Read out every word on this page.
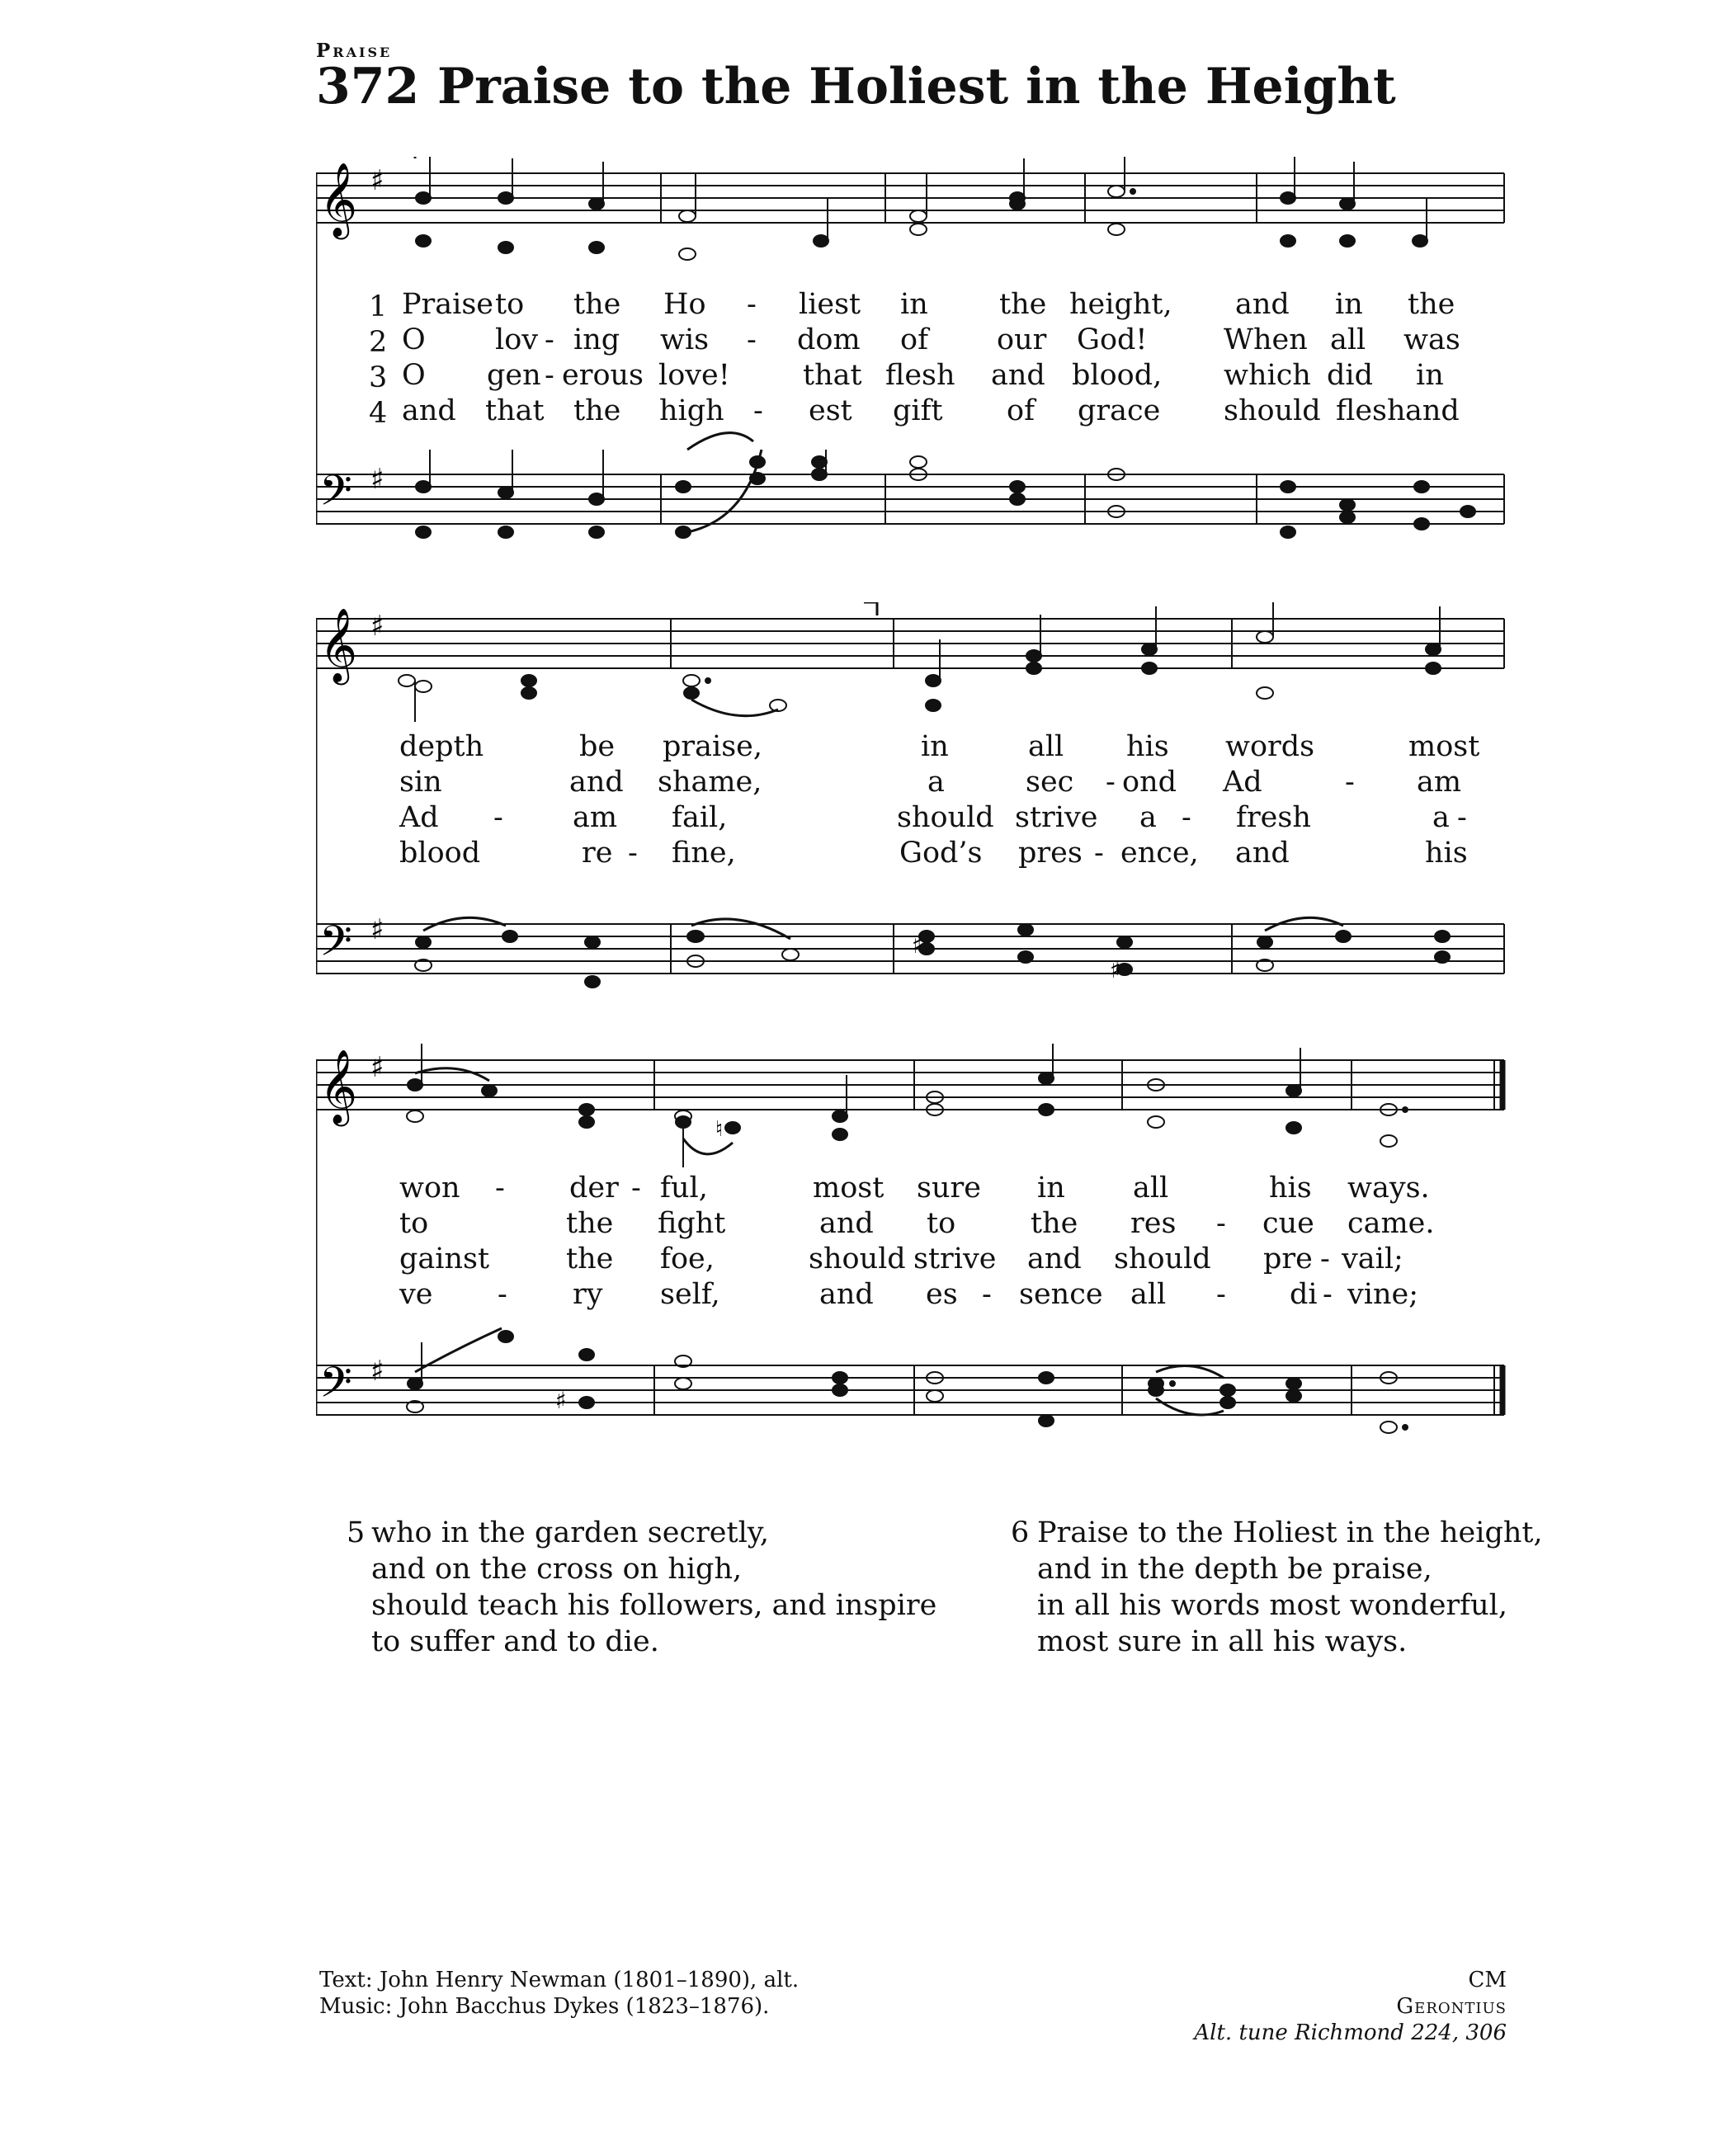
Praise
372 Praise to the Holiest in the Height
𝄞 ♯
𝄢 ♯
1
2
3
4
Praise to the Ho - liest in the height, and in the
O lov - ing wis - dom of our God!	When all was
O gen - erous love!	that flesh and blood, which did in
and that the high - est gift of grace should flesh and
𝄞 ♯
𝄢 ♯	♯
♯
depth	be praise,	in	all his words	most
sin	and shame,	a	sec - ond Ad	- am
Ad - am fail,	should strive a - fresh	a -
blood	re - fine,	God’s pres - ence, and	his
𝄞 ♯
𝄢 ♯
♮
♯
won - der - ful,	most sure in all	his ways.
to	the fight	and to	the res - cue came.
gainst	the foe,	should strive and should pre - vail;
ve - ry self,	and es - sence all - di - vine;
5 who in the garden secretly,
and on the cross on high,
should teach his followers, and inspire
to suffer and to die.
6 Praise to the Holiest in the height,
and in the depth be praise,
in all his words most wonderful,
most sure in all his ways.
Text: John Henry Newman (1801–1890), alt.
Music: John Bacchus Dykes (1823–1876).
CM
Gerontius
Alt. tune Richmond 224, 306
